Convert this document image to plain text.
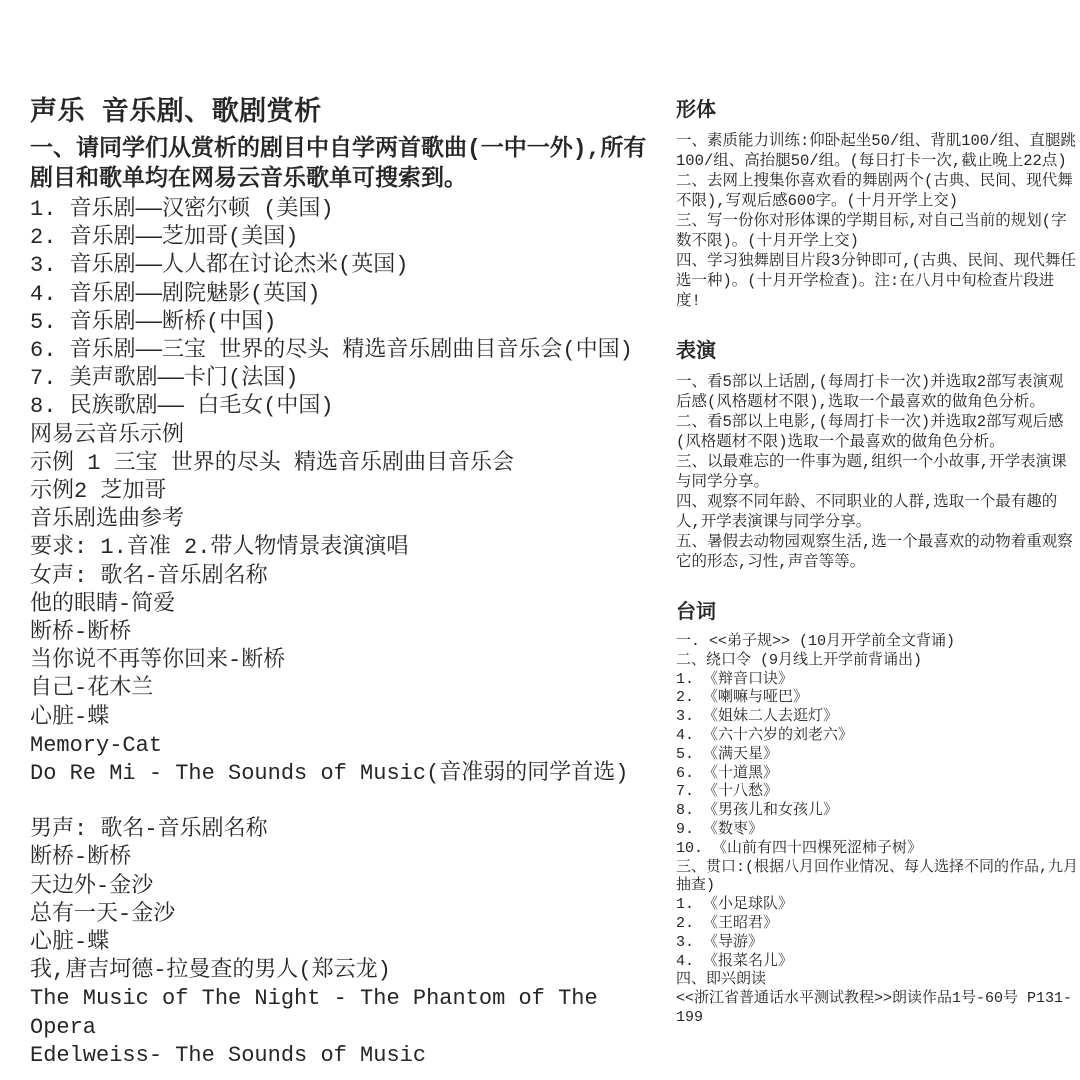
声乐 音乐剧、歌剧赏析

一、请同学们从赏析的剧目中自学两首歌曲(一中一外),所有剧目和歌单均在网易云音乐歌单可搜索到。

1. 音乐剧——汉密尔顿 (美国)
2. 音乐剧——芝加哥(美国)
3. 音乐剧——人人都在讨论杰米(英国)
4. 音乐剧——剧院魅影(英国)
5. 音乐剧——断桥(中国)
6. 音乐剧——三宝 世界的尽头 精选音乐剧曲目音乐会(中国)
7. 美声歌剧——卡门(法国)
8. 民族歌剧—— 白毛女(中国)
网易云音乐示例
示例 1 三宝 世界的尽头 精选音乐剧曲目音乐会
示例2 芝加哥
音乐剧选曲参考
要求: 1.音准 2.带人物情景表演演唱
女声: 歌名-音乐剧名称
他的眼睛-简爱
断桥-断桥
当你说不再等你回来-断桥
自己-花木兰
心脏-蝶
Memory-Cat
Do Re Mi - The Sounds of Music(音准弱的同学首选)
男声: 歌名-音乐剧名称
断桥-断桥
天边外-金沙
总有一天-金沙
心脏-蝶
我,唐吉坷德-拉曼查的男人(郑云龙)
The Music of The Night - The Phantom of The Opera
Edelweiss- The Sounds of Music
形体
一、素质能力训练:仰卧起坐50/组、背肌100/组、直腿跳100/组、高抬腿50/组。(每日打卡一次,截止晚上22点)
二、去网上搜集你喜欢看的舞剧两个(古典、民间、现代舞不限),写观后感600字。(十月开学上交)
三、写一份你对形体课的学期目标,对自己当前的规划(字数不限)。(十月开学上交)
四、学习独舞剧目片段3分钟即可,(古典、民间、现代舞任选一种)。(十月开学检查)。注:在八月中旬检查片段进度!
表演
一、看5部以上话剧,(每周打卡一次)并选取2部写表演观后感(风格题材不限),选取一个最喜欢的做角色分析。
二、看5部以上电影,(每周打卡一次)并选取2部写观后感(风格题材不限)选取一个最喜欢的做角色分析。
三、以最难忘的一件事为题,组织一个小故事,开学表演课与同学分享。
四、观察不同年龄、不同职业的人群,选取一个最有趣的人,开学表演课与同学分享。
五、暑假去动物园观察生活,选一个最喜欢的动物着重观察它的形态,习性,声音等等。
台词
一. <<弟子规>> (10月开学前全文背诵)
二、绕口令 (9月线上开学前背诵出)
1. 《辩音口诀》
2. 《喇嘛与哑巴》
3. 《姐妹二人去逛灯》
4. 《六十六岁的刘老六》
5. 《满天星》
6. 《十道黑》
7. 《十八愁》
8. 《男孩儿和女孩儿》
9. 《数枣》
10. 《山前有四十四棵死涩柿子树》
三、贯口:(根据八月回作业情况、每人选择不同的作品,九月抽查)
1. 《小足球队》
2. 《王昭君》
3. 《导游》
4. 《报菜名儿》
四、即兴朗读
<<浙江省普通话水平测试教程>>朗读作品1号-60号 P131-199
